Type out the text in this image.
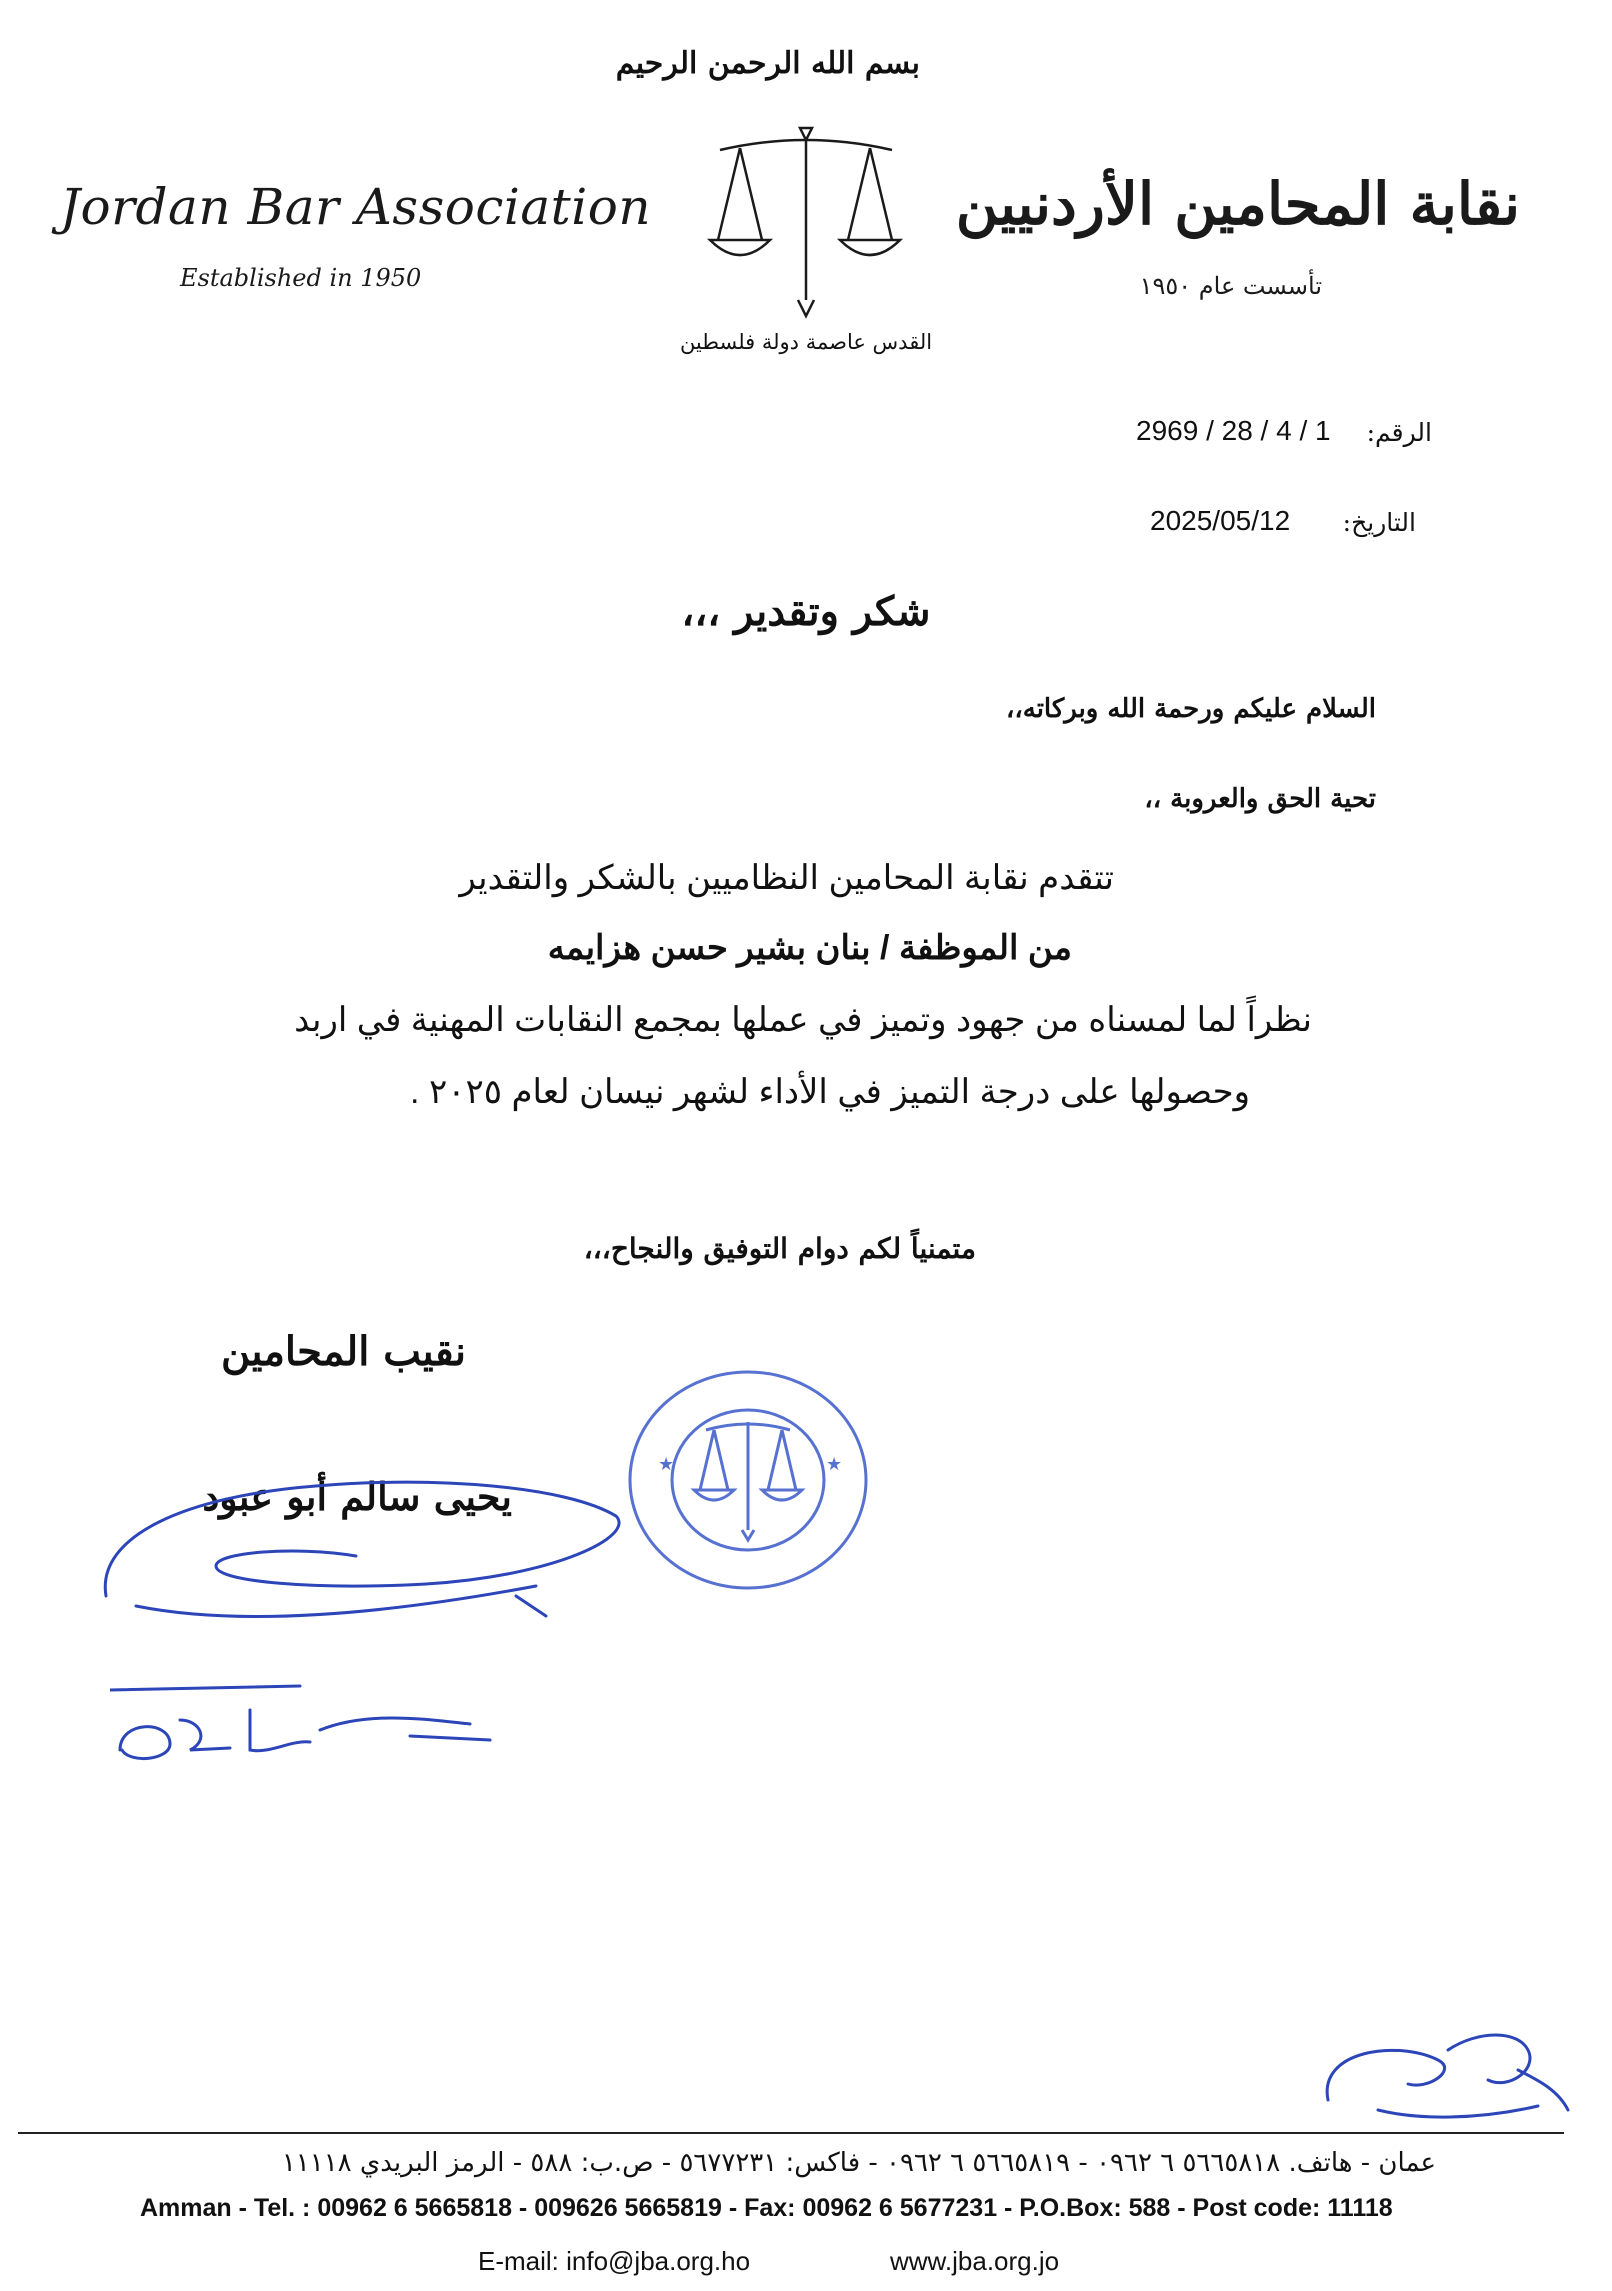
بسم الله الرحمن الرحيم
Jordan Bar Association
Established in 1950
نقابة المحامين الأردنيين
تأسست عام ١٩٥٠
القدس عاصمة دولة فلسطين
الرقم:
2969 / 28 / 4 / 1
التاريخ:
2025/05/12
شكر وتقدير ،،،
السلام عليكم ورحمة الله وبركاته،،
تحية الحق والعروبة ،،
تتقدم نقابة المحامين النظاميين بالشكر والتقدير
من الموظفة / بنان بشير حسن هزايمه
نظراً لما لمسناه من جهود وتميز في عملها بمجمع النقابات المهنية في اربد
وحصولها على درجة التميز في الأداء لشهر نيسان لعام ٢٠٢٥ .
متمنياً لكم دوام التوفيق والنجاح،،،
نقيب المحامين
يحيى سالم أبو عبود
★	★
عمان - هاتف. ٥٦٦٥٨١٨ ٦ ٠٩٦٢ - ٥٦٦٥٨١٩ ٦ ٠٩٦٢ - فاكس: ٥٦٧٧٢٣١ - ص.ب: ٥٨٨ - الرمز البريدي ١١١١٨
Amman - Tel. : 00962 6 5665818 - 009626 5665819 - Fax: 00962 6 5677231 - P.O.Box: 588 - Post code: 11118
E-mail: info@jba.org.ho	www.jba.org.jo
